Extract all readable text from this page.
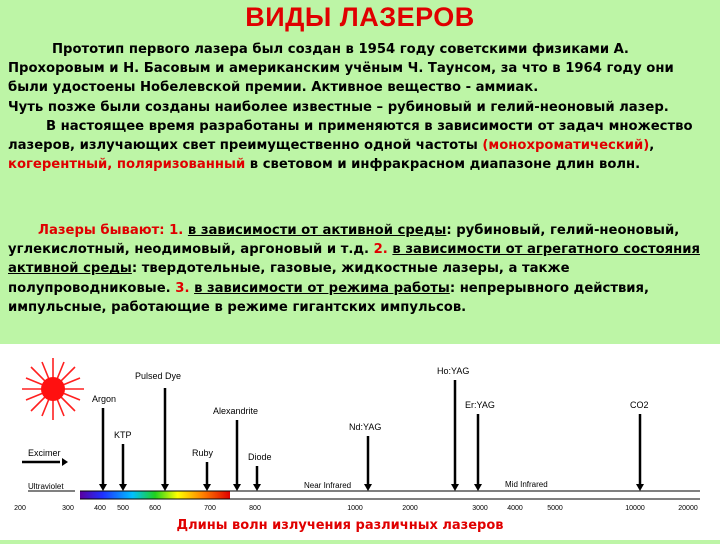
ВИДЫ ЛАЗЕРОВ
Прототип первого лазера был создан в 1954 году советскими физиками А. Прохоровым и Н. Басовым и американским учёным Ч. Таунсом, за что в 1964 году они были удостоены Нобелевской премии. Активное вещество - аммиак.
Чуть позже были созданы наиболее известные – рубиновый и гелий-неоновый лазер.
В настоящее время разработаны и применяются в зависимости от задач множество лазеров, излучающих свет преимущественно одной частоты (монохроматический), когерентный, поляризованный в световом и инфракрасном диапазоне длин волн.
Лазеры бывают: 1. в зависимости от активной среды: рубиновый, гелий-неоновый, углекислотный, неодимовый, аргоновый и т.д. 2. в зависимости от агрегатного состояния активной среды: твердотельные, газовые, жидкостные лазеры, а также полупроводниковые. 3. в зависимости от режима работы: непрерывного действия, импульсные, работающие в режиме гигантских импульсов.
Ultraviolet	Near Infrared	Mid Infrared
200	300	400 500	600	700	800	1000	2000	3000	4000	5000	10000	20000
Excimer
Argon
KTP
Pulsed Dye
Ruby
Alexandrite
Diode
Nd:YAG
Ho:YAG
Er:YAG	CO2
Длины волн излучения различных лазеров
